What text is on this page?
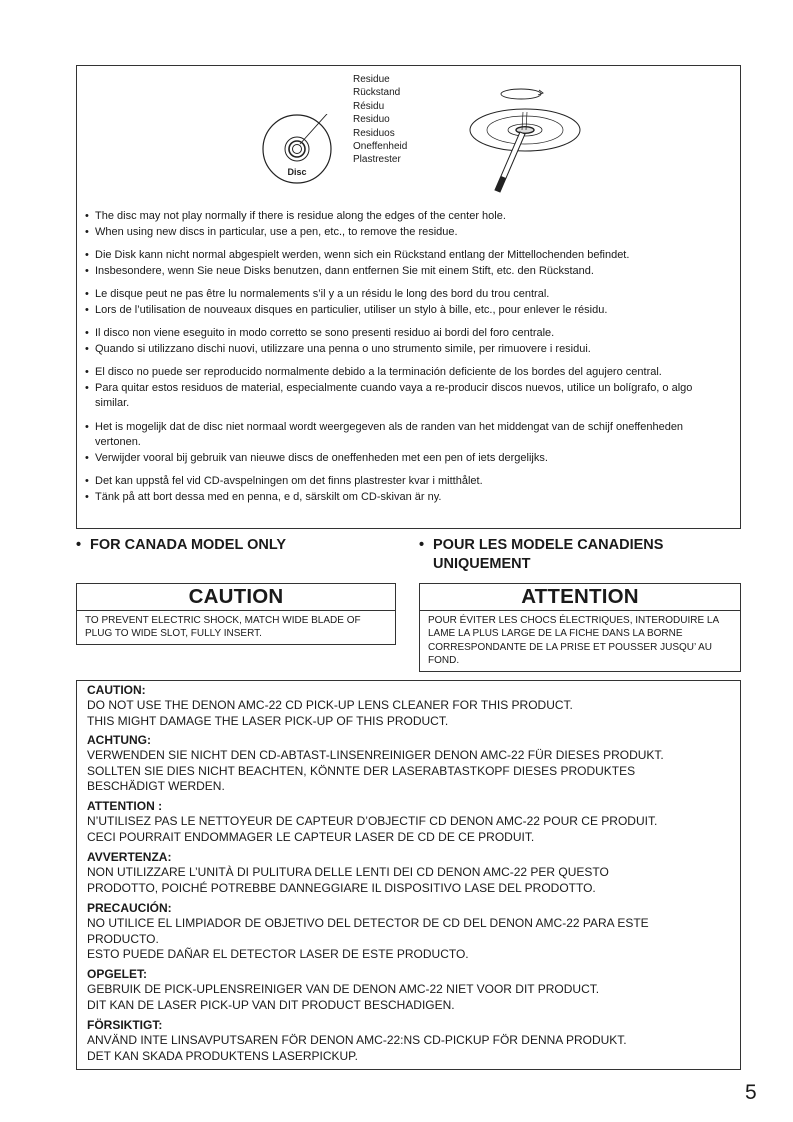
Disc
Residue
Rückstand
Résidu
Residuo
Residuos
Oneffenheid
Plastrester
• The disc may not play normally if there is residue along the edges of the center hole.
• When using new discs in particular, use a pen, etc., to remove the residue.
• Die Disk kann nicht normal abgespielt werden, wenn sich ein Rückstand entlang der Mittellochenden befindet.
• Insbesondere, wenn Sie neue Disks benutzen, dann entfernen Sie mit einem Stift, etc. den Rückstand.
• Le disque peut ne pas être lu normalements s’il y a un résidu le long des bord du trou central.
• Lors de l’utilisation de nouveaux disques en particulier, utiliser un stylo à bille, etc., pour enlever le résidu.
• Il disco non viene eseguito in modo corretto se sono presenti residuo ai bordi del foro centrale.
• Quando si utilizzano dischi nuovi, utilizzare una penna o uno strumento simile, per rimuovere i residui.
• El disco no puede ser reproducido normalmente debido a la terminación deficiente de los bordes del agujero central.
• Para quitar estos residuos de material, especialmente cuando vaya a re-producir discos nuevos, utilice un bolígrafo, o algo similar.
• Het is mogelijk dat de disc niet normaal wordt weergegeven als de randen van het middengat van de schijf oneffenheden vertonen.
• Verwijder vooral bij gebruik van nieuwe discs de oneffenheden met een pen of iets dergelijks.
• Det kan uppstå fel vid CD-avspelningen om det finns plastrester kvar i mitthålet.
• Tänk på att bort dessa med en penna, e d, särskilt om CD-skivan är ny.
• FOR CANADA MODEL ONLY	• POUR LES MODELE CANADIENS UNIQUEMENT
CAUTION
TO PREVENT ELECTRIC SHOCK, MATCH WIDE BLADE OF PLUG TO WIDE SLOT, FULLY INSERT.
ATTENTION
POUR ÉVITER LES CHOCS ÉLECTRIQUES, INTERODUIRE LA LAME LA PLUS LARGE DE LA FICHE DANS LA BORNE CORRESPONDANTE DE LA PRISE ET POUSSER JUSQU’ AU FOND.
CAUTION:
DO NOT USE THE DENON AMC-22 CD PICK-UP LENS CLEANER FOR THIS PRODUCT.
THIS MIGHT DAMAGE THE LASER PICK-UP OF THIS PRODUCT.
ACHTUNG:
VERWENDEN SIE NICHT DEN CD-ABTAST-LINSENREINIGER DENON AMC-22 FÜR DIESES PRODUKT.
SOLLTEN SIE DIES NICHT BEACHTEN, KÖNNTE DER LASERABTASTKOPF DIESES PRODUKTES
BESCHÄDIGT WERDEN.
ATTENTION :
N’UTILISEZ PAS LE NETTOYEUR DE CAPTEUR D’OBJECTIF CD DENON AMC-22 POUR CE PRODUIT.
CECI POURRAIT ENDOMMAGER LE CAPTEUR LASER DE CD DE CE PRODUIT.
AVVERTENZA:
NON UTILIZZARE L’UNITÀ DI PULITURA DELLE LENTI DEI CD DENON AMC-22 PER QUESTO
PRODOTTO, POICHÉ POTREBBE DANNEGGIARE IL DISPOSITIVO LASE DEL PRODOTTO.
PRECAUCIÓN:
NO UTILICE EL LIMPIADOR DE OBJETIVO DEL DETECTOR DE CD DEL DENON AMC-22 PARA ESTE
PRODUCTO.
ESTO PUEDE DAÑAR EL DETECTOR LASER DE ESTE PRODUCTO.
OPGELET:
GEBRUIK DE PICK-UPLENSREINIGER VAN DE DENON AMC-22 NIET VOOR DIT PRODUCT.
DIT KAN DE LASER PICK-UP VAN DIT PRODUCT BESCHADIGEN.
FÖRSIKTIGT:
ANVÄND INTE LINSAVPUTSAREN FÖR DENON AMC-22:NS CD-PICKUP FÖR DENNA PRODUKT.
DET KAN SKADA PRODUKTENS LASERPICKUP.
5
